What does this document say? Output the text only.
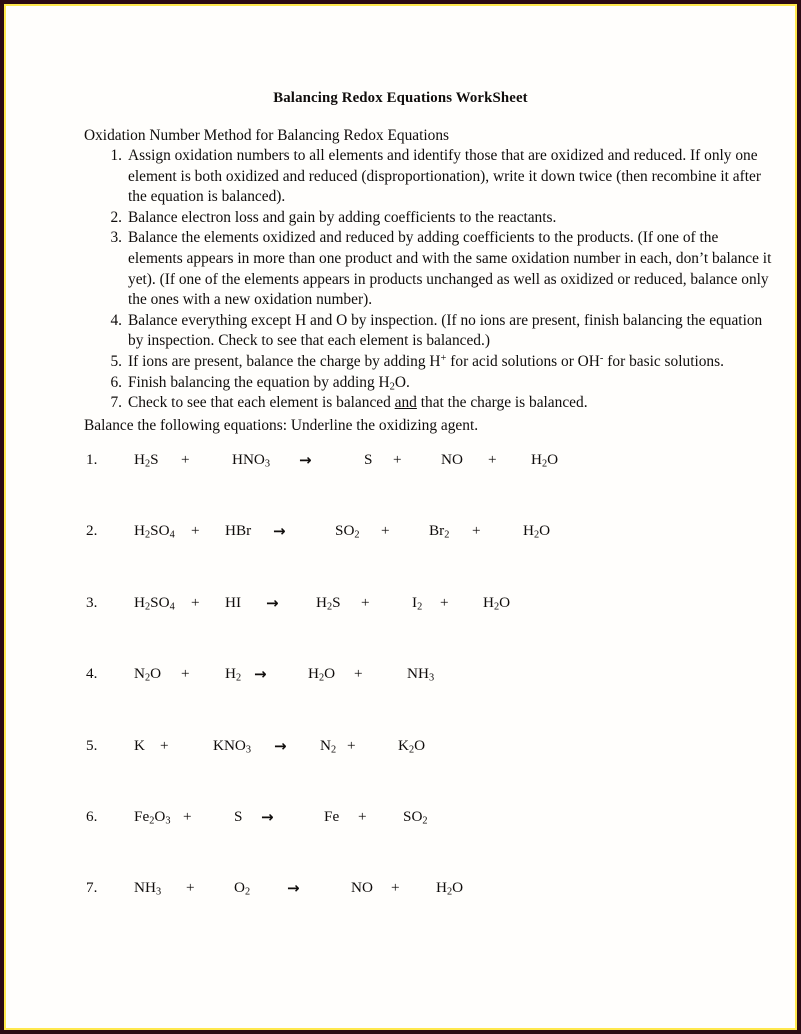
Balancing Redox Equations WorkSheet
Oxidation Number Method for Balancing Redox Equations
1. Assign oxidation numbers to all elements and identify those that are oxidized and reduced. If only one element is both oxidized and reduced (disproportionation), write it down twice (then recombine it after the equation is balanced).
2. Balance electron loss and gain by adding coefficients to the reactants.
3. Balance the elements oxidized and reduced by adding coefficients to the products. (If one of the elements appears in more than one product and with the same oxidation number in each, don’t balance it yet). (If one of the elements appears in products unchanged as well as oxidized or reduced, balance only the ones with a new oxidation number).
4. Balance everything except H and O by inspection. (If no ions are present, finish balancing the equation by inspection. Check to see that each element is balanced.)
5. If ions are present, balance the charge by adding H+ for acid solutions or OH- for basic solutions.
6. Finish balancing the equation by adding $H_2O$.
7. Check to see that each element is balanced and that the charge is balanced.
Balance the following equations: Underline the oxidizing agent.
1. $H_2S$ +	$HNO_3$ →	S +	NO + $H_2O$
2. $H_2SO_4$ + HBr →	$SO_2$ +	$Br_2$ +	$H_2O$
3. $H_2SO_4$ + HI → $H_2S$ +	$I_2 + H_2O$
4. $N_2O + H_2$ →	$H_2O$ +	$NH_3$
5. K +	$KNO_3 \to N_2$ +	$K_2O$
6. $Fe_2O_3$ +	S →	$Fe + SO_2$
7. $NH_3$ +	$O_2$ →	NO + $H_2O$
